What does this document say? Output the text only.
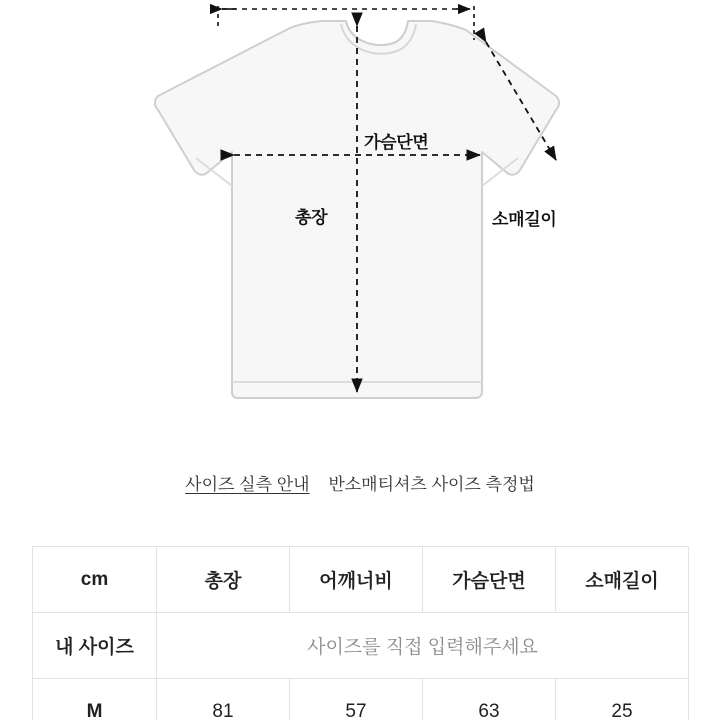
가슴단면
총장	소매길이
사이즈 실측 안내 반소매티셔츠 사이즈 측정법
cm	총장	어깨너비	가슴단면	소매길이
내 사이즈	사이즈를 직접 입력해주세요			
M	81	57	63	25
